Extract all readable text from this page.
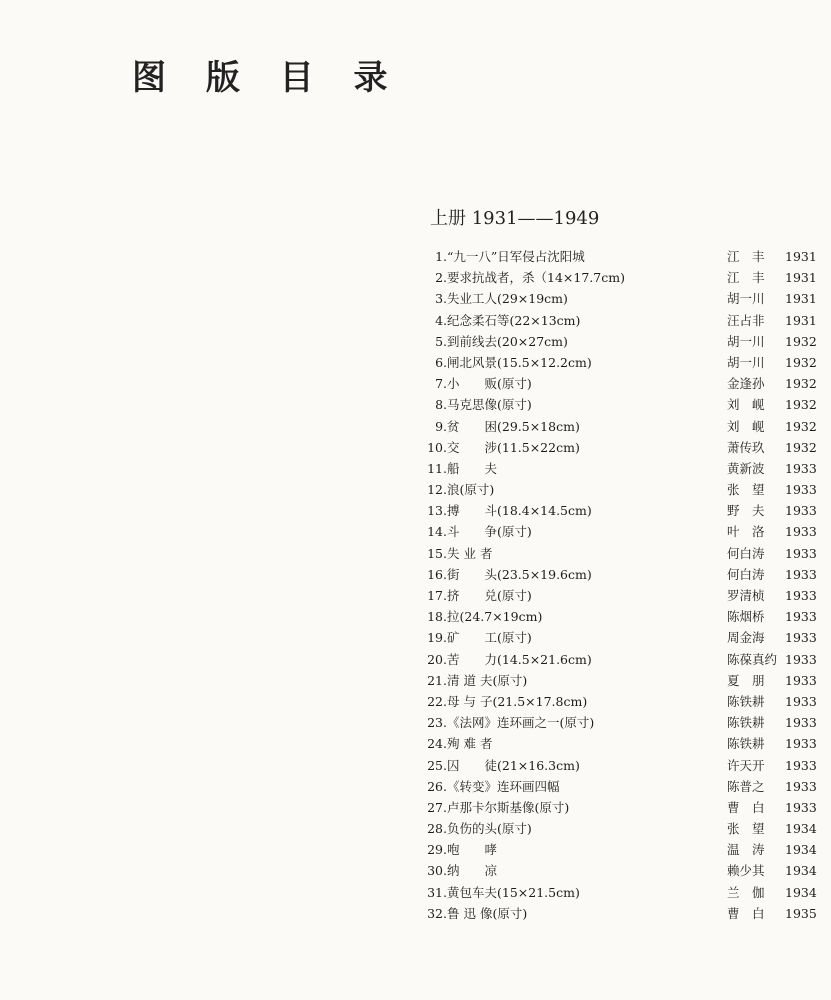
图 版 目 录
上册 1931——1949
1. “九一八”日军侵占沈阳城	江　丰	1931
2. 要求抗战者，杀（14×17.7cm)	江　丰	1931
3. 失业工人(29×19cm)	胡一川	1931
4. 纪念柔石等(22×13cm)	汪占非	1931
5. 到前线去(20×27cm)	胡一川	1932
6. 闸北风景(15.5×12.2cm)	胡一川	1932
7. 小　　贩(原寸)	金逢孙	1932
8. 马克思像(原寸)	刘　岘	1932
9. 贫　　困(29.5×18cm)	刘　岘	1932
10. 交　　涉(11.5×22cm)	萧传玖	1932
11. 船　　夫	黄新波	1933
12. 浪(原寸)	张　望	1933
13. 搏　　斗(18.4×14.5cm)	野　夫	1933
14. 斗　　争(原寸)	叶　洛	1933
15. 失 业 者	何白涛	1933
16. 街　　头(23.5×19.6cm)	何白涛	1933
17. 挤　　兑(原寸)	罗清桢	1933
18. 拉(24.7×19cm)	陈烟桥	1933
19. 矿　　工(原寸)	周金海	1933
20. 苦　　力(14.5×21.6cm)	陈葆真约 1933
21. 清 道 夫(原寸)	夏　朋	1933
22. 母 与 子(21.5×17.8cm)	陈铁耕	1933
23. 《法网》连环画之一(原寸)	陈铁耕	1933
24. 殉 难 者	陈铁耕	1933
25. 囚　　徒(21×16.3cm)	许天开	1933
26. 《转变》连环画四幅	陈普之	1933
27. 卢那卡尔斯基像(原寸)	曹　白	1933
28. 负伤的头(原寸)	张　望	1934
29. 咆　　哮	温　涛	1934
30. 纳　　凉	赖少其	1934
31. 黄包车夫(15×21.5cm)	兰　伽	1934
32. 鲁 迅 像(原寸)	曹　白	1935
